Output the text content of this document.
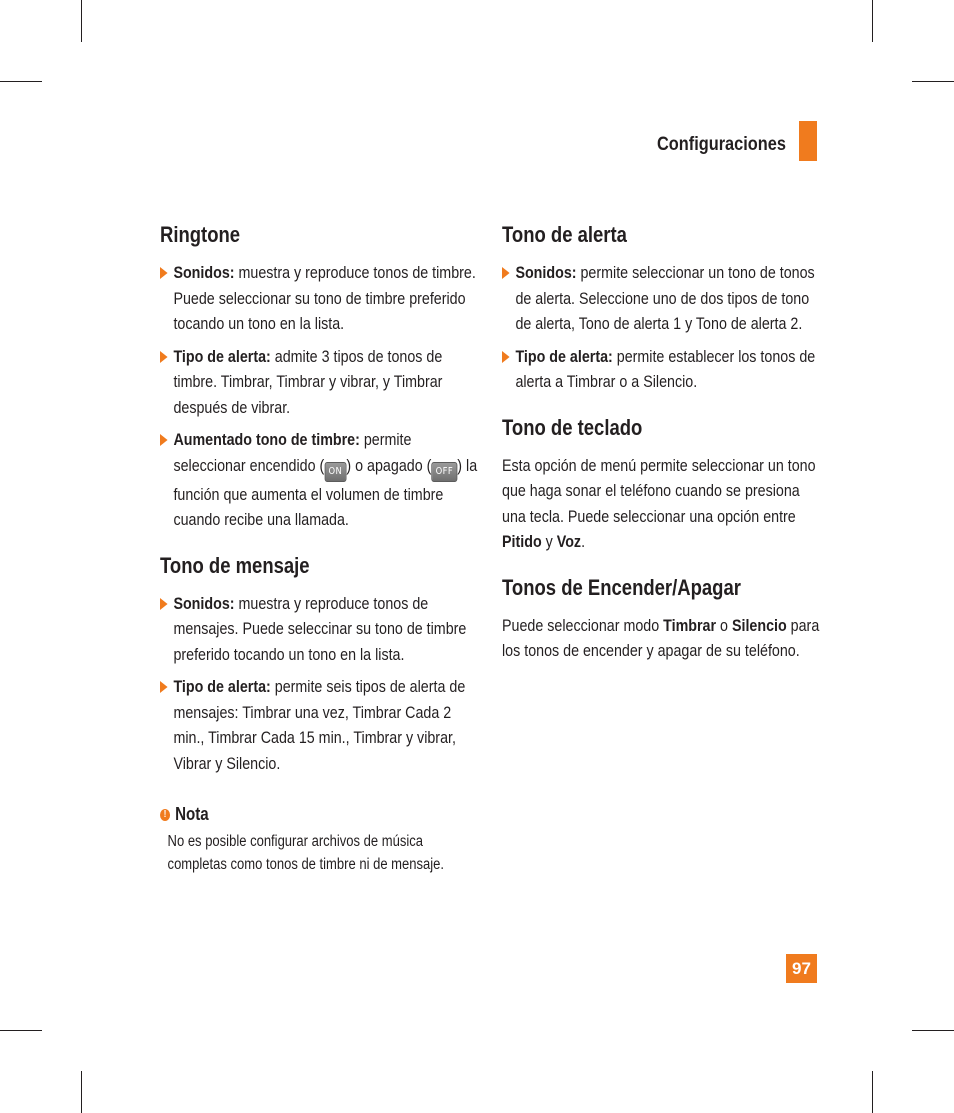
Configuraciones
97
Ringtone
Sonidos: muestra y reproduce tonos de timbre. Puede seleccionar su tono de timbre preferido tocando un tono en la lista.
Tipo de alerta: admite 3 tipos de tonos de timbre. Timbrar, Timbrar y vibrar, y Timbrar después de vibrar.
Aumentado tono de timbre: permite seleccionar encendido ( ON ) o apagado ( OFF ) la función que aumenta el volumen de timbre cuando recibe una llamada.
Tono de mensaje
Sonidos: muestra y reproduce tonos de mensajes. Puede seleccinar su tono de timbre preferido tocando un tono en la lista.
Tipo de alerta: permite seis tipos de alerta de mensajes: Timbrar una vez, Timbrar Cada 2 min., Timbrar Cada 15 min., Timbrar y vibrar, Vibrar y Silencio.
! Nota
No es posible configurar archivos de música completas como tonos de timbre ni de mensaje.
Tono de alerta
Sonidos: permite seleccionar un tono de tonos de alerta. Seleccione uno de dos tipos de tono de alerta, Tono de alerta 1 y Tono de alerta 2.
Tipo de alerta: permite establecer los tonos de alerta a Timbrar o a Silencio.
Tono de teclado

Esta opción de menú permite seleccionar un tono que haga sonar el teléfono cuando se presiona una tecla. Puede seleccionar una opción entre Pitido y Voz.

Tonos de Encender/Apagar

Puede seleccionar modo Timbrar o Silencio para los tonos de encender y apagar de su teléfono.
